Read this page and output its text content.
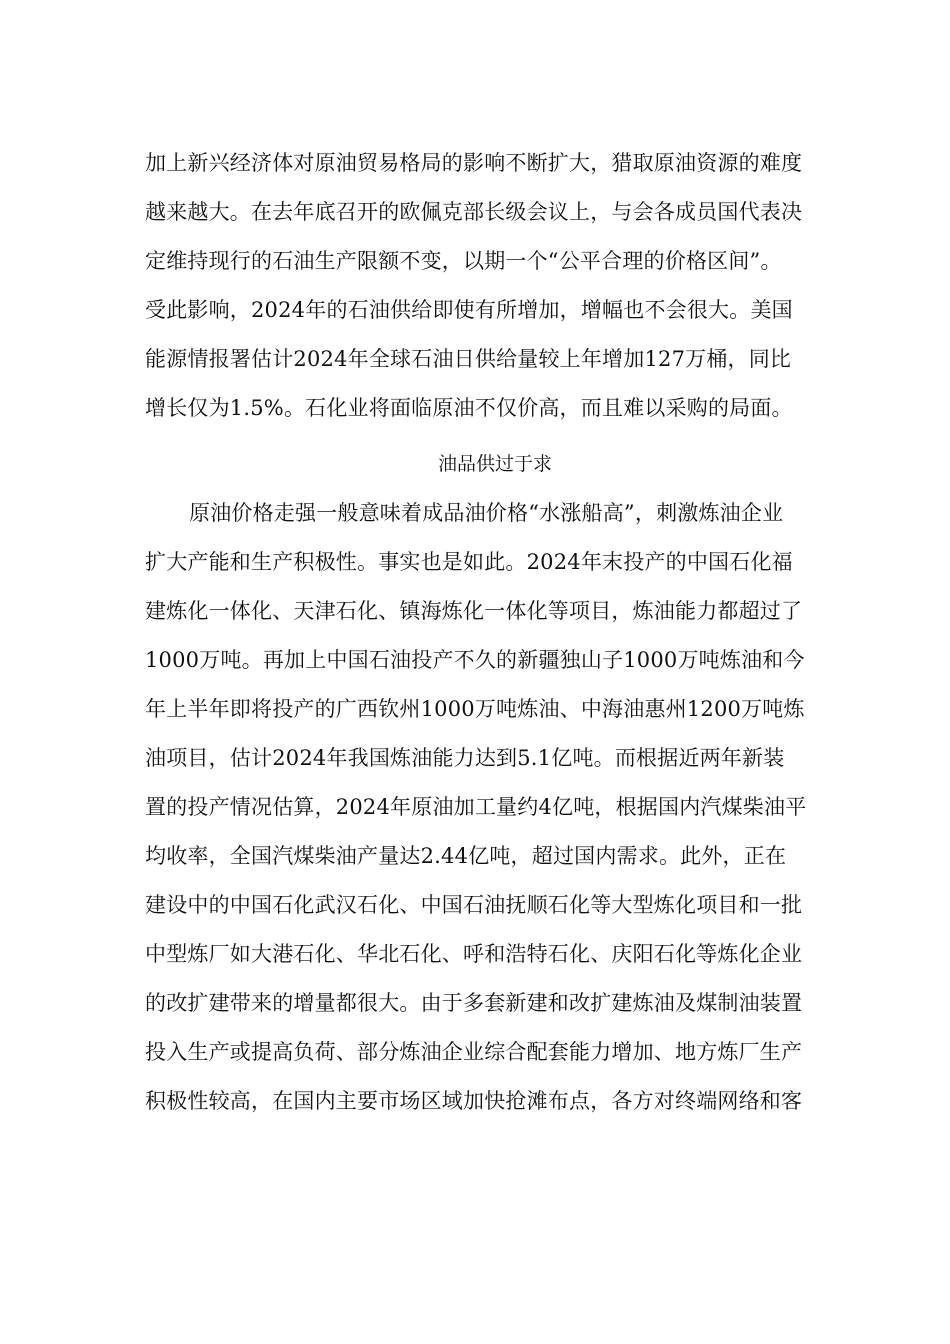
加上新兴经济体对原油贸易格局的影响不断扩大，猎取原油资源的难度
越来越大。在去年底召开的欧佩克部长级会议上，与会各成员国代表决
定维持现行的石油生产限额不变，以期一个“公平合理的价格区间”。
受此影响，2024年的石油供给即使有所增加，增幅也不会很大。美国
能源情报署估计2024年全球石油日供给量较上年增加127万桶，同比
增长仅为1.5%。石化业将面临原油不仅价高，而且难以采购的局面。
油品供过于求
原油价格走强一般意味着成品油价格“水涨船高”，刺激炼油企业
扩大产能和生产积极性。事实也是如此。2024年末投产的中国石化福
建炼化一体化、天津石化、镇海炼化一体化等项目，炼油能力都超过了
1000万吨。再加上中国石油投产不久的新疆独山子1000万吨炼油和今
年上半年即将投产的广西钦州1000万吨炼油、中海油惠州1200万吨炼
油项目，估计2024年我国炼油能力达到5.1亿吨。而根据近两年新装
置的投产情况估算，2024年原油加工量约4亿吨，根据国内汽煤柴油平
均收率，全国汽煤柴油产量达2.44亿吨，超过国内需求。此外，正在
建设中的中国石化武汉石化、中国石油抚顺石化等大型炼化项目和一批
中型炼厂如大港石化、华北石化、呼和浩特石化、庆阳石化等炼化企业
的改扩建带来的增量都很大。由于多套新建和改扩建炼油及煤制油装置
投入生产或提高负荷、部分炼油企业综合配套能力增加、地方炼厂生产
积极性较高，在国内主要市场区域加快抢滩布点，各方对终端网络和客
